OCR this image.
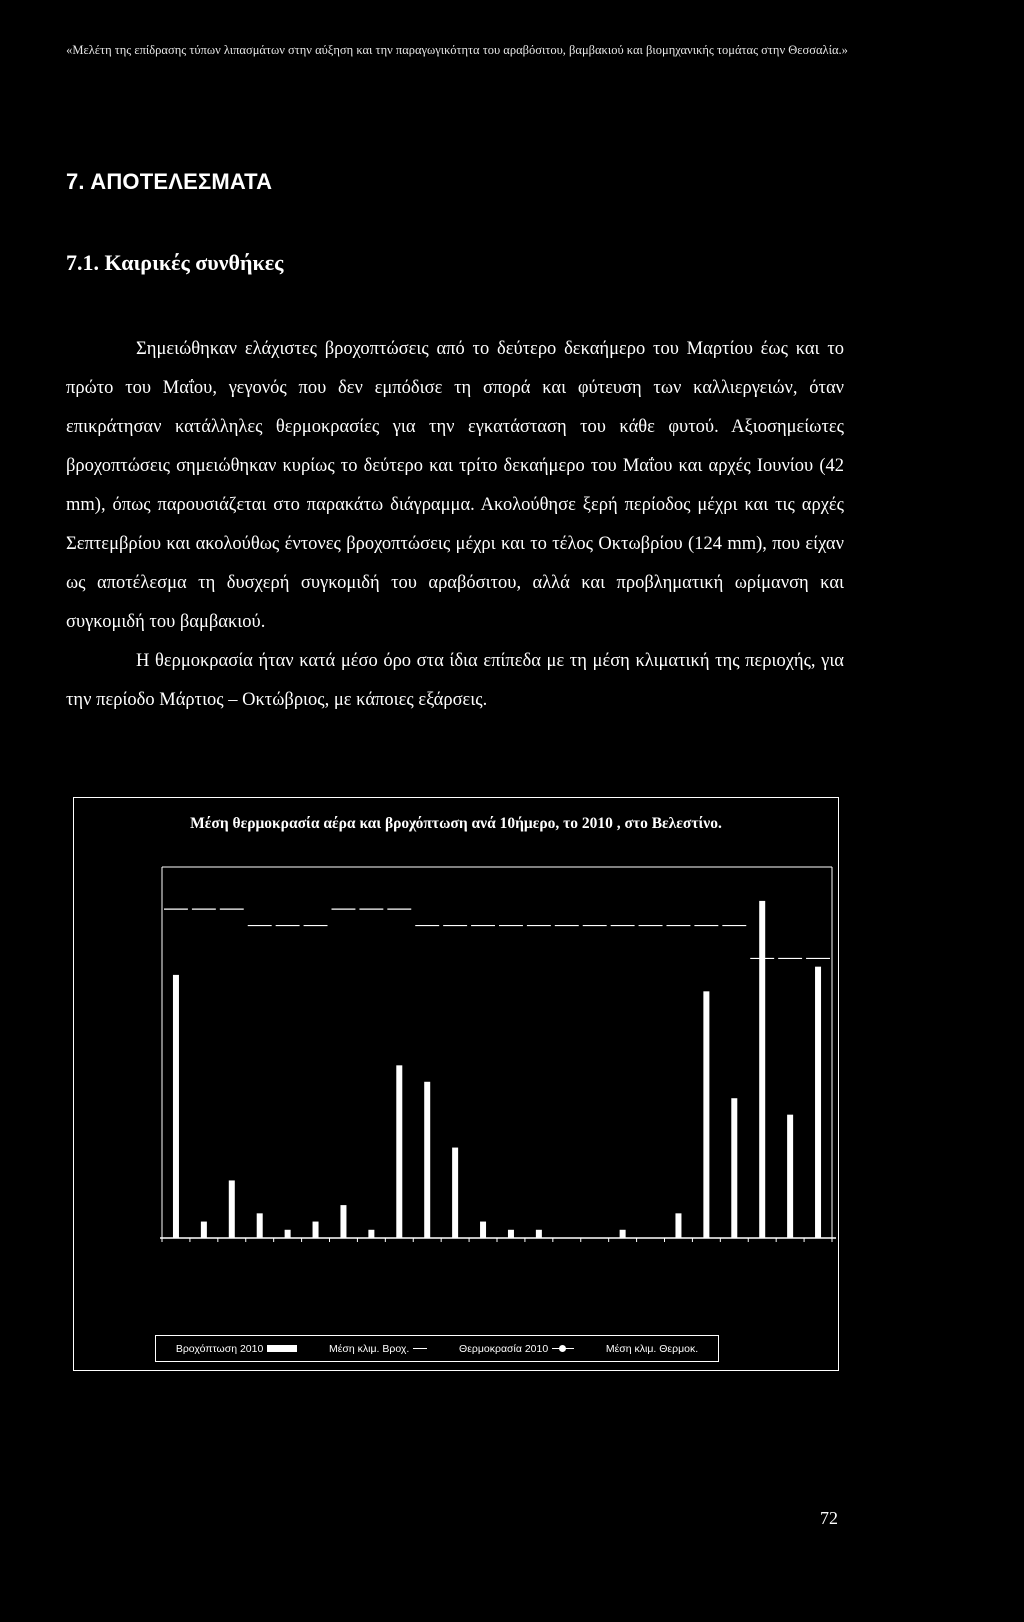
«Μελέτη της επίδρασης τύπων λιπασμάτων στην αύξηση και την παραγωγικότητα του αραβόσιτου, βαμβακιού και βιομηχανικής τομάτας στην Θεσσαλία.»
7. ΑΠΟΤΕΛΕΣΜΑΤΑ
7.1. Καιρικές συνθήκες

Σημειώθηκαν ελάχιστες βροχοπτώσεις από το δεύτερο δεκαήμερο του Μαρτίου έως και το πρώτο του Μαΐου, γεγονός που δεν εμπόδισε τη σπορά και φύτευση των καλλιεργειών, όταν επικράτησαν κατάλληλες θερμοκρασίες για την εγκατάσταση του κάθε φυτού. Αξιοσημείωτες βροχοπτώσεις σημειώθηκαν κυρίως το δεύτερο και τρίτο δεκαήμερο του Μαΐου και αρχές Ιουνίου (42 mm), όπως παρουσιάζεται στο παρακάτω διάγραμμα. Ακολούθησε ξερή περίοδος μέχρι και τις αρχές Σεπτεμβρίου και ακολούθως έντονες βροχοπτώσεις μέχρι και το τέλος Οκτωβρίου (124 mm), που είχαν ως αποτέλεσμα τη δυσχερή συγκομιδή του αραβόσιτου, αλλά και προβληματική ωρίμανση και συγκομιδή του βαμβακιού.

Η θερμοκρασία ήταν κατά μέσο όρο στα ίδια επίπεδα με τη μέση κλιματική της περιοχής, για την περίοδο Μάρτιος – Οκτώβριος, με κάποιες εξάρσεις.

Μέση θερμοκρασία αέρα και βροχόπτωση ανά 10ήμερο, το 2010 , στο Βελεστίνο.
Βροχόπτωση 2010	Μέση κλιμ. Βροχ.	Θερμοκρασία 2010	Μέση κλιμ. Θερμοκ.
72
